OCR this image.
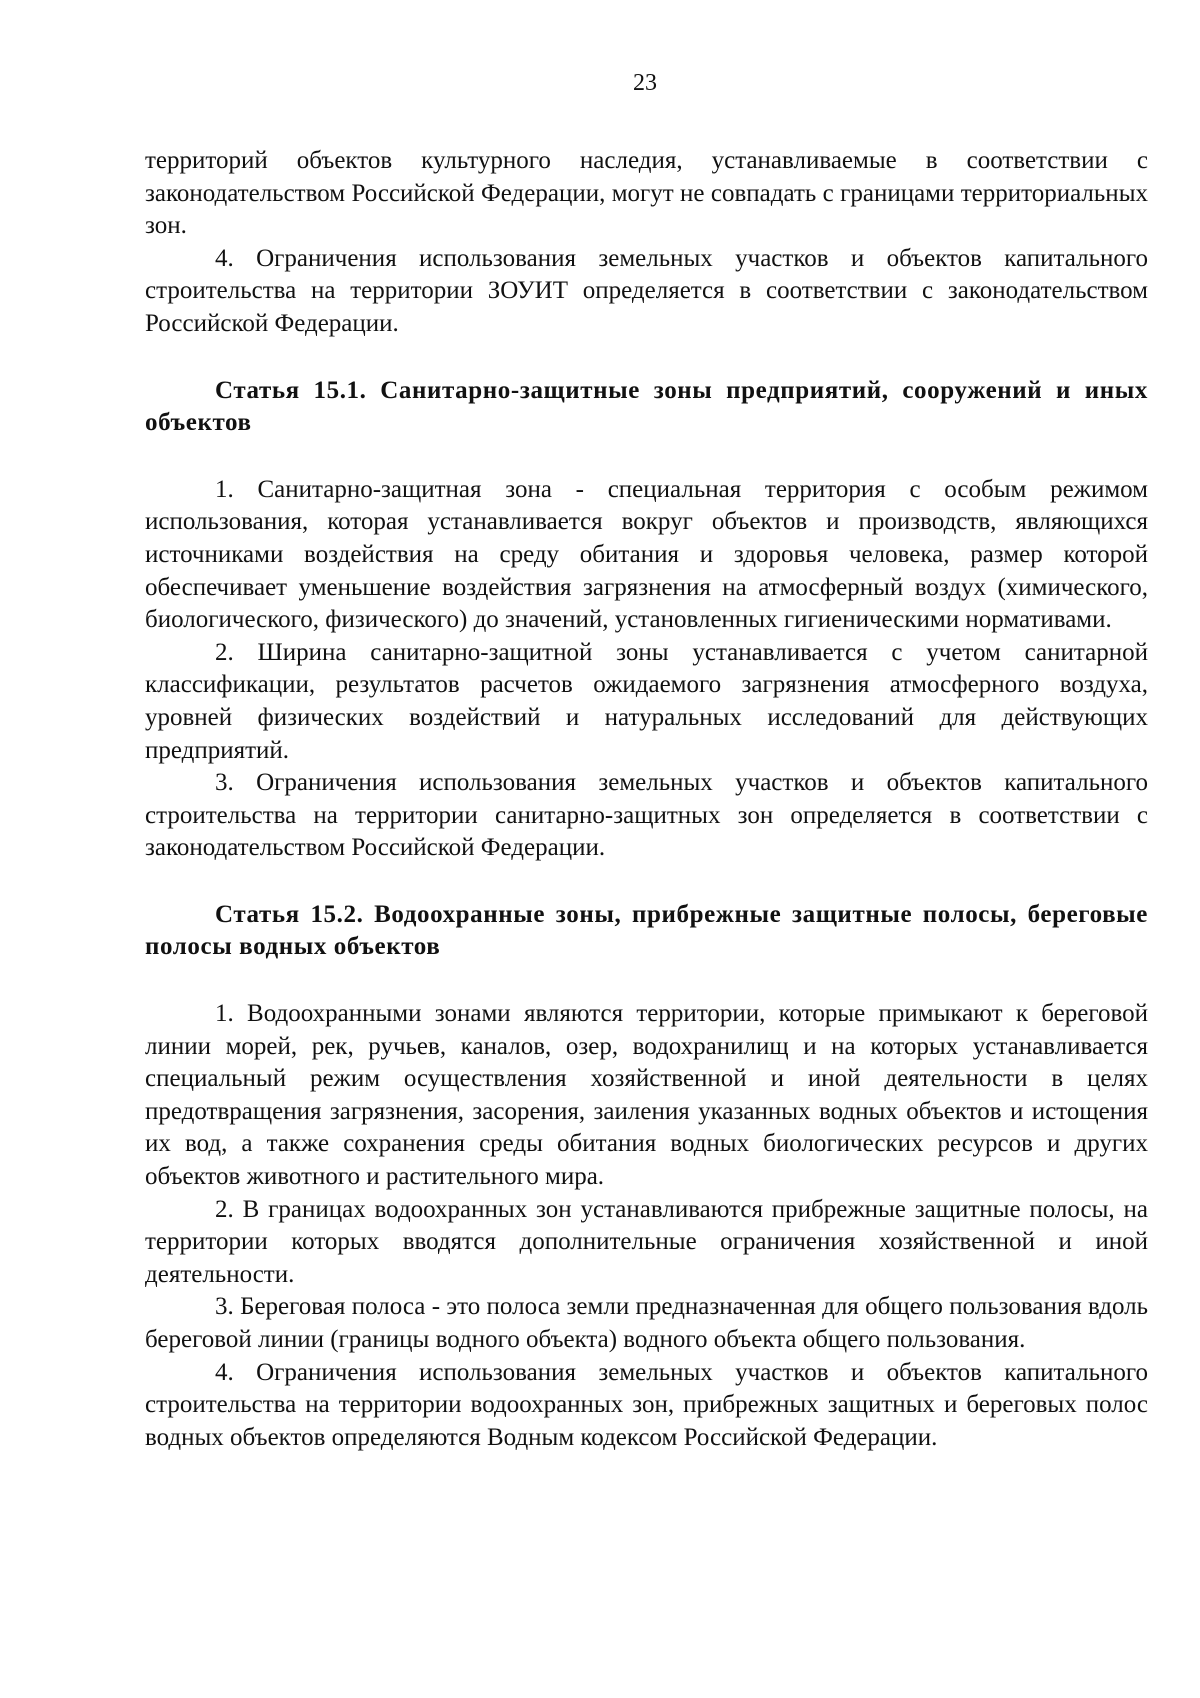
23

территорий объектов культурного наследия, устанавливаемые в соответствии с законодательством Российской Федерации, могут не совпадать с границами территориальных зон.

4. Ограничения использования земельных участков и объектов капитального строительства на территории ЗОУИТ определяется в соответствии с законодательством Российской Федерации.

Статья 15.1. Санитарно-защитные зоны предприятий, сооружений и иных объектов

1. Санитарно-защитная зона - специальная территория с особым режимом использования, которая устанавливается вокруг объектов и производств, являющихся источниками воздействия на среду обитания и здоровья человека, размер которой обеспечивает уменьшение воздействия загрязнения на атмосферный воздух (химического, биологического, физического) до значений, установленных гигиеническими нормативами.

2. Ширина санитарно-защитной зоны устанавливается с учетом санитарной классификации, результатов расчетов ожидаемого загрязнения атмосферного воздуха, уровней физических воздействий и натуральных исследований для действующих предприятий.

3. Ограничения использования земельных участков и объектов капитального строительства на территории санитарно-защитных зон определяется в соответствии с законодательством Российской Федерации.

Статья 15.2. Водоохранные зоны, прибрежные защитные полосы, береговые полосы водных объектов

1. Водоохранными зонами являются территории, которые примыкают к береговой линии морей, рек, ручьев, каналов, озер, водохранилищ и на которых устанавливается специальный режим осуществления хозяйственной и иной деятельности в целях предотвращения загрязнения, засорения, заиления указанных водных объектов и истощения их вод, а также сохранения среды обитания водных биологических ресурсов и других объектов животного и растительного мира.

2. В границах водоохранных зон устанавливаются прибрежные защитные полосы, на территории которых вводятся дополнительные ограничения хозяйственной и иной деятельности.

3. Береговая полоса - это полоса земли предназначенная для общего пользования вдоль береговой линии (границы водного объекта) водного объекта общего пользования.

4. Ограничения использования земельных участков и объектов капитального строительства на территории водоохранных зон, прибрежных защитных и береговых полос водных объектов определяются Водным кодексом Российской Федерации.
